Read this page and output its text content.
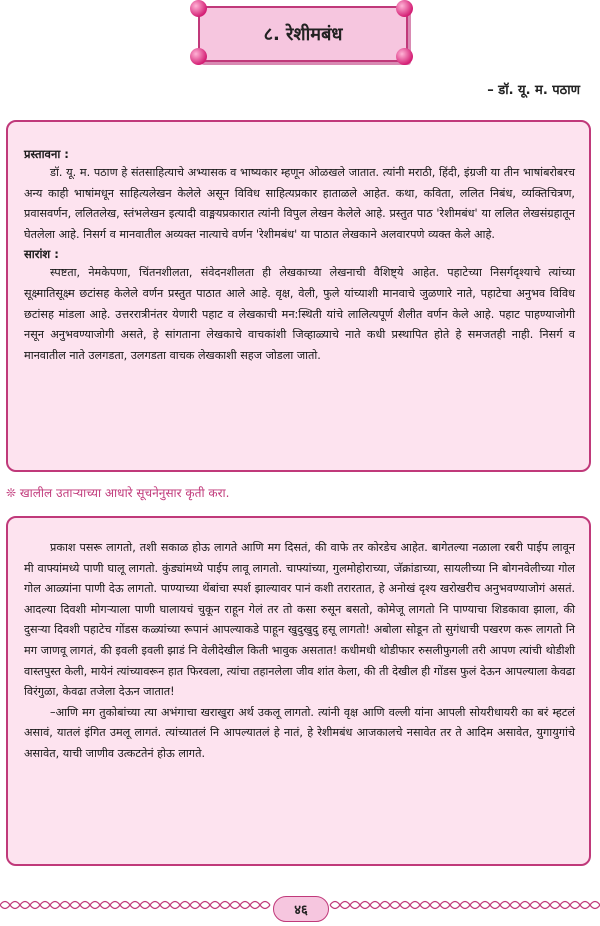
८. रेशीमबंध
– डॉ. यू. म. पठाण

प्रस्तावना :

डॉ. यू. म. पठाण हे संतसाहित्याचे अभ्यासक व भाष्यकार म्हणून ओळखले जातात. त्यांनी मराठी, हिंदी, इंग्रजी या तीन भाषांबरोबरच अन्य काही भाषांमधून साहित्यलेखन केलेले असून विविध साहित्यप्रकार हाताळले आहेत. कथा, कविता, ललित निबंध, व्यक्तिचित्रण, प्रवासवर्णन, ललितलेख, स्तंभलेखन इत्यादी वाङ्मयप्रकारात त्यांनी विपुल लेखन केलेले आहे. प्रस्तुत पाठ 'रेशीमबंध' या ललित लेखसंग्रहातून घेतलेला आहे. निसर्ग व मानवातील अव्यक्त नात्याचे वर्णन 'रेशीमबंध' या पाठात लेखकाने अलवारपणे व्यक्त केले आहे.

सारांश :

स्पष्टता, नेमकेपणा, चिंतनशीलता, संवेदनशीलता ही लेखकाच्या लेखनाची वैशिष्ट्ये आहेत. पहाटेच्या निसर्गदृश्याचे त्यांच्या सूक्ष्मातिसूक्ष्म छटांसह केलेले वर्णन प्रस्तुत पाठात आले आहे. वृक्ष, वेली, फुले यांच्याशी मानवाचे जुळणारे नाते, पहाटेचा अनुभव विविध छटांसह मांडला आहे. उत्तररात्रीनंतर येणारी पहाट व लेखकाची मन:स्थिती यांचे लालित्यपूर्ण शैलीत वर्णन केले आहे. पहाट पाहण्याजोगी नसून अनुभवण्याजोगी असते, हे सांगताना लेखकाचे वाचकांशी जिव्हाळ्याचे नाते कधी प्रस्थापित होते हे समजतही नाही. निसर्ग व मानवातील नाते उलगडता, उलगडता वाचक लेखकाशी सहज जोडला जातो.

❊ खालील उताऱ्याच्या आधारे सूचनेनुसार कृती करा.

प्रकाश पसरू लागतो, तशी सकाळ होऊ लागते आणि मग दिसतं, की वाफे तर कोरडेच आहेत. बागेतल्या नळाला रबरी पाईप लावून मी वाफ्यांमध्ये पाणी घालू लागतो. कुंड्यांमध्ये पाईप लावू लागतो. चाफ्यांच्या, गुलमोहोराच्या, जॅक्रांडाच्या, सायलीच्या नि बोगनवेलीच्या गोल गोल आळ्यांना पाणी देऊ लागतो. पाण्याच्या थेंबांचा स्पर्श झाल्यावर पानं कशी तरारतात, हे अनोखं दृश्य खरोखरीच अनुभवण्याजोगं असतं. आदल्या दिवशी मोगऱ्याला पाणी घालायचं चुकून राहून गेलं तर तो कसा रुसून बसतो, कोमेजू लागतो नि पाण्याचा शिडकावा झाला, की दुसऱ्या दिवशी पहाटेच गोंडस कळ्यांच्या रूपानं आपल्याकडे पाहून खुदुखुदु हसू लागतो! अबोला सोडून तो सुगंधाची पखरण करू लागतो नि मग जाणवू लागतं, की इवली इवली झाडं नि वेलीदेखील किती भावुक असतात! कधीमधी थोडीफार रुसलीफुगली तरी आपण त्यांची थोडीशी वास्तपुस्त केली, मायेनं त्यांच्यावरून हात फिरवला, त्यांचा तहानलेला जीव शांत केला, की ती देखील ही गोंडस फुलं देऊन आपल्याला केवढा विरंगुळा, केवढा तजेला देऊन जातात!

–आणि मग तुकोबांच्या त्या अभंगाचा खराखुरा अर्थ उकलू लागतो. त्यांनी वृक्ष आणि वल्ली यांना आपली सोयरीधायरी का बरं म्हटलं असावं, यातलं इंगित उमलू लागतं. त्यांच्यातलं नि आपल्यातलं हे नातं, हे रेशीमबंध आजकालचे नसावेत तर ते आदिम असावेत, युगायुगांचे असावेत, याची जाणीव उत्कटतेनं होऊ लागते.

४६
